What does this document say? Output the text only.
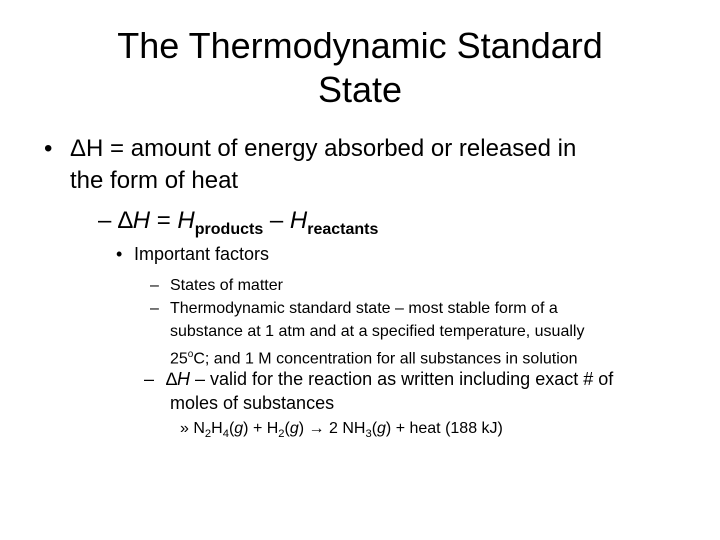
The Thermodynamic Standard
State
• ΔH = amount of energy absorbed or released in
the form of heat
– $\Delta H = H_{products} - H_{reactants}$
• Important factors
– States of matter
– Thermodynamic standard state – most stable form of a
substance at 1 atm and at a specified temperature, usually
25$^o$C; and 1 M concentration for all substances in solution
– ∆H – valid for the reaction as written including exact # of
moles of substances
» $N_2H_4(g) + H_2(g) \to 2$ $NH_3(g)$ + heat (188 kJ)
